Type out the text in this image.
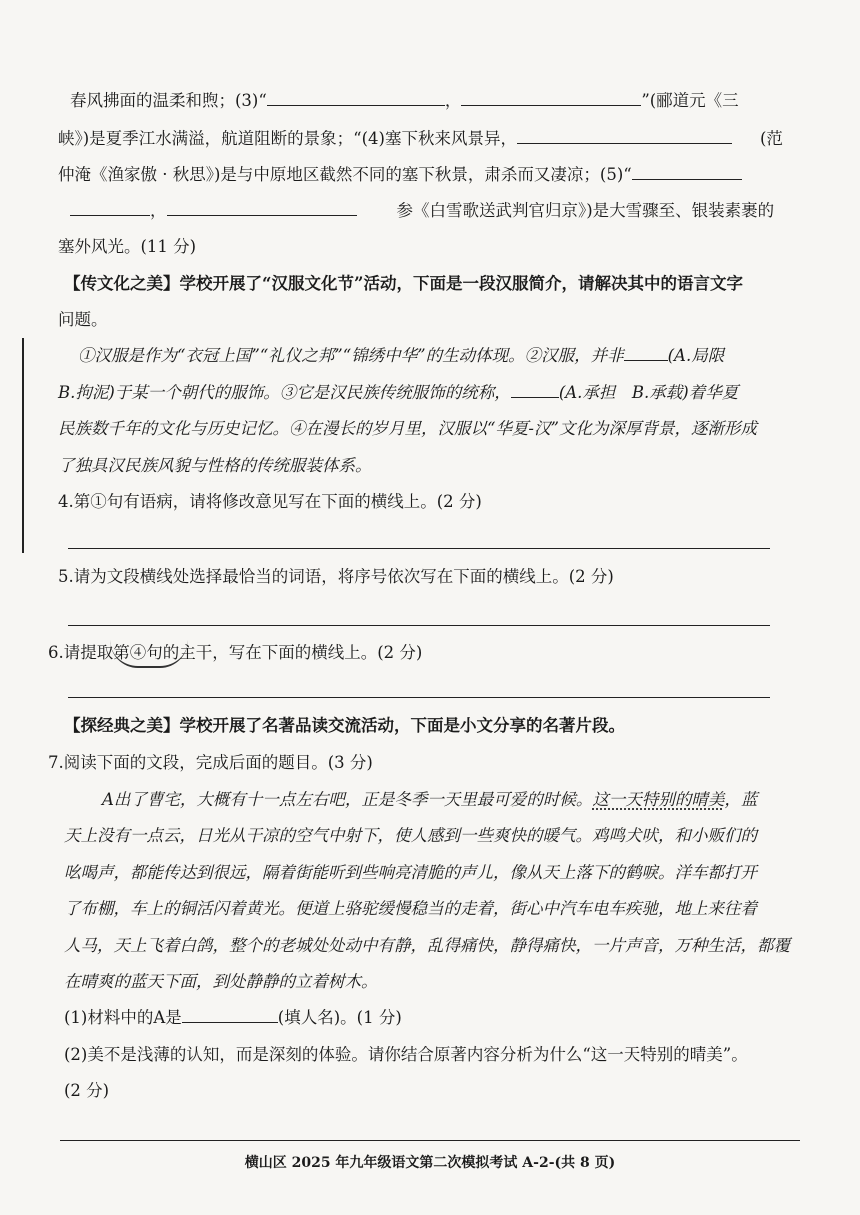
春风拂面的温柔和煦；(3)“	，	”(郦道元《三
峡》)是夏季江水满溢，航道阻断的景象；“(4)塞下秋来风景异，	(范
仲淹《渔家傲 · 秋思》)是与中原地区截然不同的塞下秋景，肃杀而又凄凉；(5)“
，	参《白雪歌送武判官归京》)是大雪骤至、银装素裹的
塞外风光。(11 分)
【传文化之美】学校开展了“汉服文化节”活动，下面是一段汉服简介，请解决其中的语言文字
问题。
①汉服是作为“衣冠上国”“礼仪之邦”“锦绣中华”的生动体现。②汉服，并非	(A.局限
B.拘泥)于某一个朝代的服饰。③它是汉民族传统服饰的统称，	(A.承担　B.承载)着华夏
民族数千年的文化与历史记忆。④在漫长的岁月里，汉服以“华夏-汉”文化为深厚背景，逐渐形成
了独具汉民族风貌与性格的传统服装体系。
4.第①句有语病，请将修改意见写在下面的横线上。(2 分)
5.请为文段横线处选择最恰当的词语，将序号依次写在下面的横线上。(2 分)
6.请提取第④句的主干，写在下面的横线上。(2 分)
【探经典之美】学校开展了名著品读交流活动，下面是小文分享的名著片段。
7.阅读下面的文段，完成后面的题目。(3 分)
A出了曹宅，大概有十一点左右吧，正是冬季一天里最可爱的时候。这一天特别的晴美，蓝
天上没有一点云，日光从干凉的空气中射下，使人感到一些爽快的暖气。鸡鸣犬吠，和小贩们的
吆喝声，都能传达到很远，隔着街能听到些响亮清脆的声儿，像从天上落下的鹤唳。洋车都打开
了布棚，车上的铜活闪着黄光。便道上骆驼缓慢稳当的走着，街心中汽车电车疾驰，地上来往着
人马，天上飞着白鸽，整个的老城处处动中有静，乱得痛快，静得痛快，一片声音，万种生活，都覆
在晴爽的蓝天下面，到处静静的立着树木。
(1)材料中的A是	(填人名)。(1 分)
(2)美不是浅薄的认知，而是深刻的体验。请你结合原著内容分析为什么“这一天特别的晴美”。
(2 分)
横山区 2025 年九年级语文第二次模拟考试 A-2-(共 8 页)
